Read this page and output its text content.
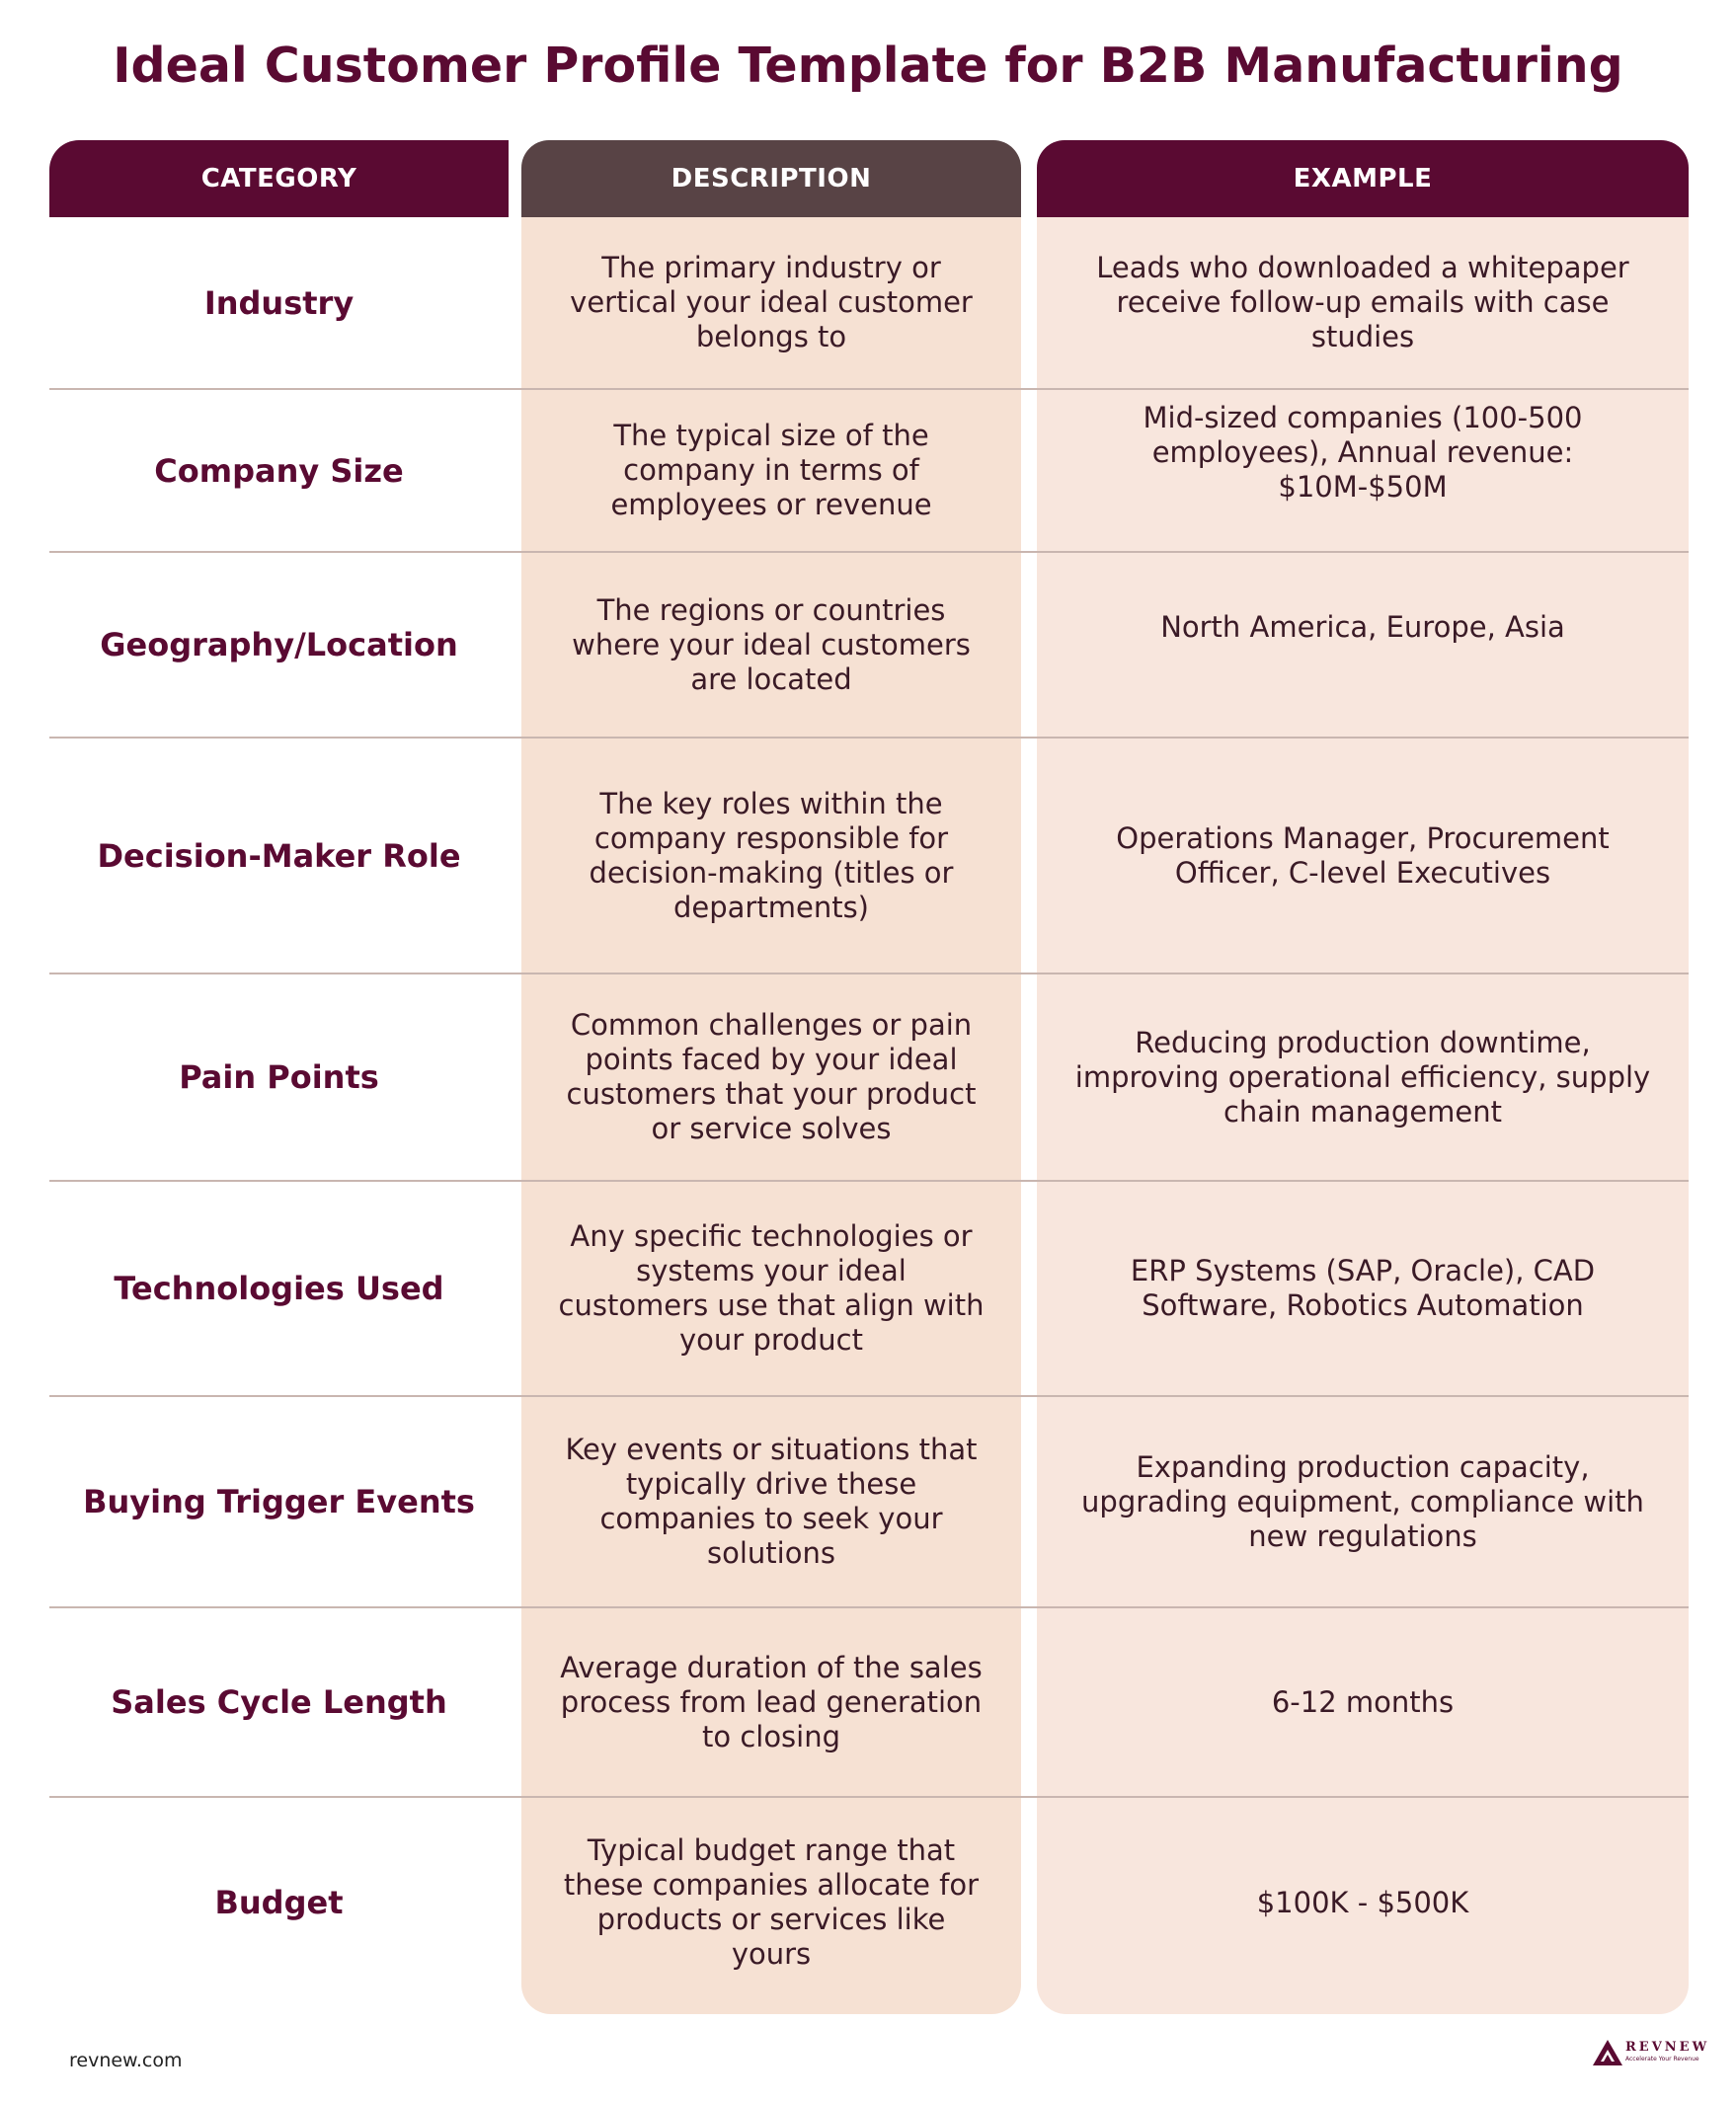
Ideal Customer Profile Template for B2B Manufacturing
CATEGORY	DESCRIPTION	EXAMPLE
Industry
The primary industry or vertical your ideal customer belongs to
Leads who downloaded a whitepaper receive follow-up emails with case studies
Company Size
The typical size of the company in terms of employees or revenue
Mid-sized companies (100-500 employees), Annual revenue: $10M-$50M
Geography/Location
The regions or countries where your ideal customers are located
North America, Europe, Asia
Decision-Maker Role
The key roles within the company responsible for decision-making (titles or departments)
Operations Manager, Procurement Officer, C-level Executives
Pain Points
Common challenges or pain points faced by your ideal customers that your product or service solves
Reducing production downtime, improving operational efficiency, supply chain management
Technologies Used
Any specific technologies or systems your ideal customers use that align with your product
ERP Systems (SAP, Oracle), CAD Software, Robotics Automation
Buying Trigger Events
Key events or situations that typically drive these companies to seek your solutions
Expanding production capacity, upgrading equipment, compliance with new regulations
Sales Cycle Length
Average duration of the sales process from lead generation to closing
6-12 months
Budget
Typical budget range that these companies allocate for products or services like yours
$100K - $500K
revnew.com
REVNEW
Accelerate Your Revenue
